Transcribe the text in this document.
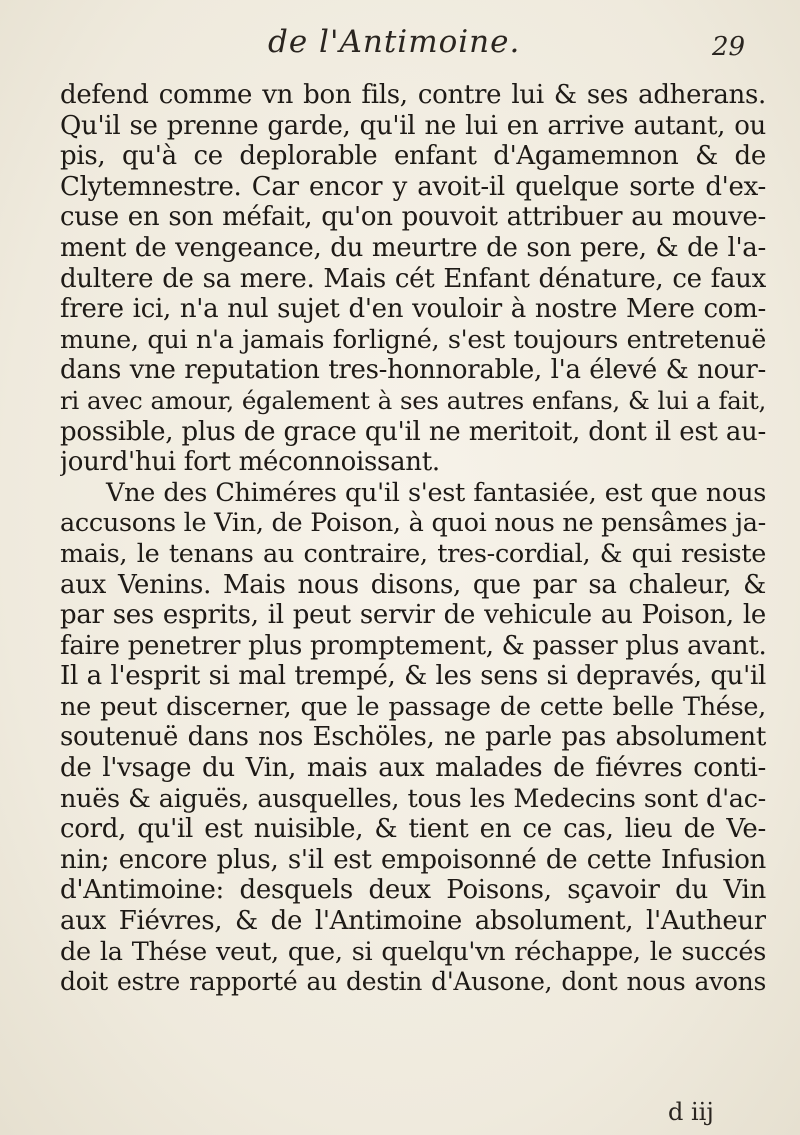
de l'Antimoine.	29
defend comme vn bon fils, contre lui & ses adherans.
Qu'il se prenne garde, qu'il ne lui en arrive autant, ou
pis, qu'à ce deplorable enfant d'Agamemnon & de
Clytemnestre. Car encor y avoit-il quelque sorte d'ex-
cuse en son méfait, qu'on pouvoit attribuer au mouve-
ment de vengeance, du meurtre de son pere, & de l'a-
dultere de sa mere. Mais cét Enfant dénature, ce faux
frere ici, n'a nul sujet d'en vouloir à nostre Mere com-
mune, qui n'a jamais forligné, s'est toujours entretenuë
dans vne reputation tres-honnorable, l'a élevé & nour-
ri avec amour, également à ses autres enfans, & lui a fait,
possible, plus de grace qu'il ne meritoit, dont il est au-
jourd'hui fort méconnoissant.
Vne des Chiméres qu'il s'est fantasiée, est que nous
accusons le Vin, de Poison, à quoi nous ne pensâmes ja-
mais, le tenans au contraire, tres-cordial, & qui resiste
aux Venins. Mais nous disons, que par sa chaleur, &
par ses esprits, il peut servir de vehicule au Poison, le
faire penetrer plus promptement, & passer plus avant.
Il a l'esprit si mal trempé, & les sens si depravés, qu'il
ne peut discerner, que le passage de cette belle Thése,
soutenuë dans nos Eschöles, ne parle pas absolument
de l'vsage du Vin, mais aux malades de fiévres conti-
nuës & aiguës, ausquelles, tous les Medecins sont d'ac-
cord, qu'il est nuisible, & tient en ce cas, lieu de Ve-
nin; encore plus, s'il est empoisonné de cette Infusion
d'Antimoine: desquels deux Poisons, sçavoir du Vin
aux Fiévres, & de l'Antimoine absolument, l'Autheur
de la Thése veut, que, si quelqu'vn réchappe, le succés
doit estre rapporté au destin d'Ausone, dont nous avons
d iij
